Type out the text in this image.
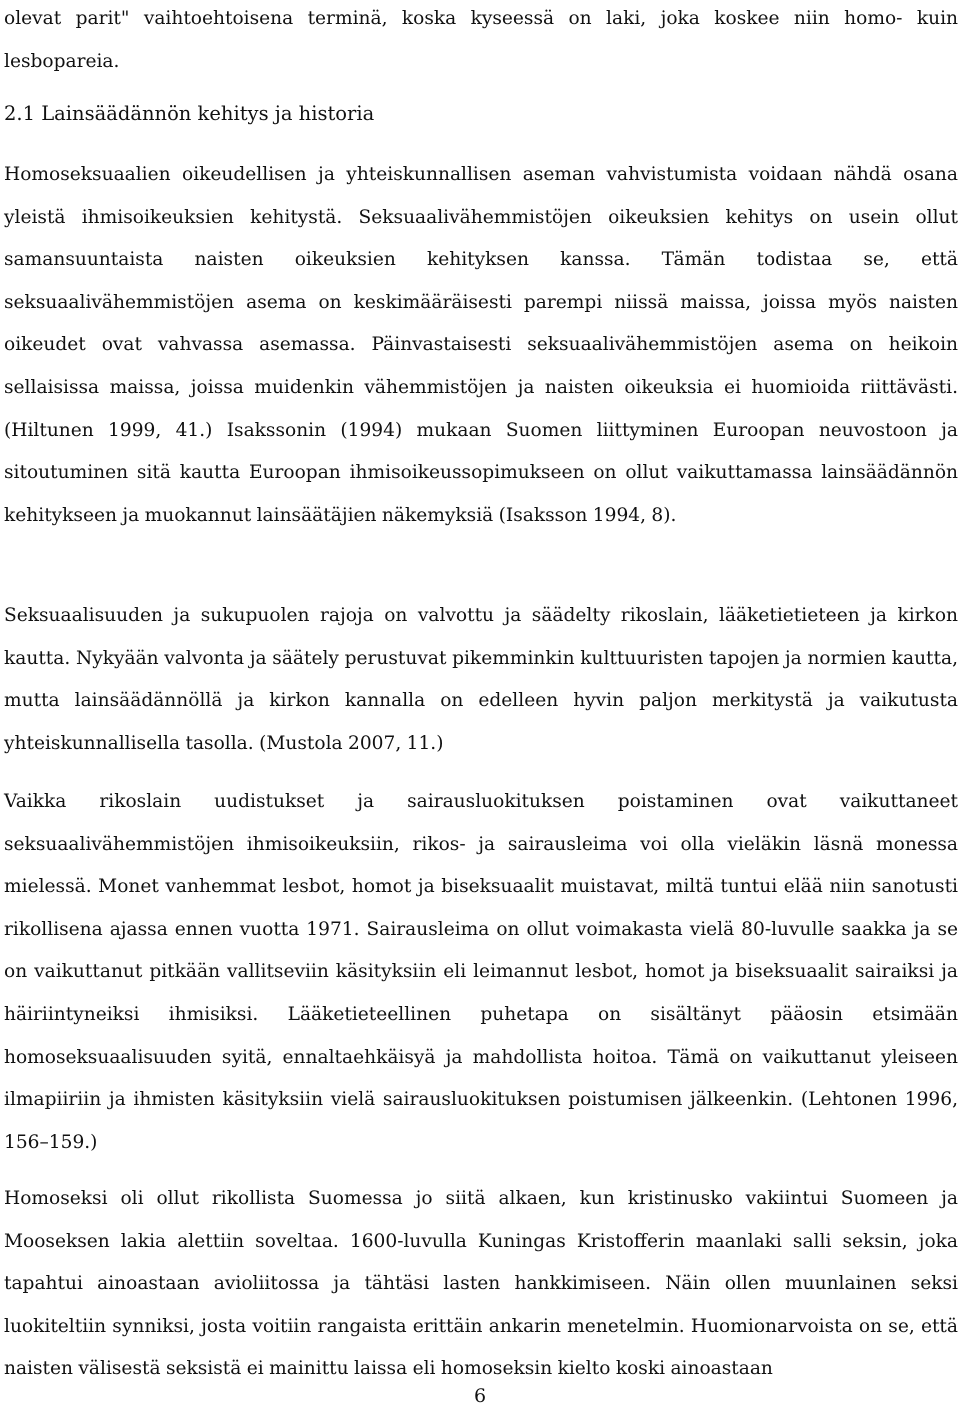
olevat parit" vaihtoehtoisena terminä, koska kyseessä on laki, joka koskee niin homo- kuin lesbopareia.

2.1 Lainsäädännön kehitys ja historia

Homoseksuaalien oikeudellisen ja yhteiskunnallisen aseman vahvistumista voidaan nähdä osana yleistä ihmisoikeuksien kehitystä. Seksuaalivähemmistöjen oikeuksien kehitys on usein ollut samansuuntaista naisten oikeuksien kehityksen kanssa. Tämän todistaa se, että seksuaalivähemmistöjen asema on keskimääräisesti parempi niissä maissa, joissa myös naisten oikeudet ovat vahvassa asemassa. Päinvastaisesti seksuaalivähemmistöjen asema on heikoin sellaisissa maissa, joissa muidenkin vähemmistöjen ja naisten oikeuksia ei huomioida riittävästi. (Hiltunen 1999, 41.) Isakssonin (1994) mukaan Suomen liittyminen Euroopan neuvostoon ja sitoutuminen sitä kautta Euroopan ihmisoikeussopimukseen on ollut vaikuttamassa lainsäädännön kehitykseen ja muokannut lainsäätäjien näkemyksiä (Isaksson 1994, 8).

Seksuaalisuuden ja sukupuolen rajoja on valvottu ja säädelty rikoslain, lääketietieteen ja kirkon kautta. Nykyään valvonta ja säätely perustuvat pikemminkin kulttuuristen tapojen ja normien kautta, mutta lainsäädännöllä ja kirkon kannalla on edelleen hyvin paljon merkitystä ja vaikutusta yhteiskunnallisella tasolla. (Mustola 2007, 11.)

Vaikka rikoslain uudistukset ja sairausluokituksen poistaminen ovat vaikuttaneet seksuaalivähemmistöjen ihmisoikeuksiin, rikos- ja sairausleima voi olla vieläkin läsnä monessa mielessä. Monet vanhemmat lesbot, homot ja biseksuaalit muistavat, miltä tuntui elää niin sanotusti rikollisena ajassa ennen vuotta 1971. Sairausleima on ollut voimakasta vielä 80-luvulle saakka ja se on vaikuttanut pitkään vallitseviin käsityksiin eli leimannut lesbot, homot ja biseksuaalit sairaiksi ja häiriintyneiksi ihmisiksi. Lääketieteellinen puhetapa on sisältänyt pääosin etsimään homoseksuaalisuuden syitä, ennaltaehkäisyä ja mahdollista hoitoa. Tämä on vaikuttanut yleiseen ilmapiiriin ja ihmisten käsityksiin vielä sairausluokituksen poistumisen jälkeenkin. (Lehtonen 1996, 156–159.)

Homoseksi oli ollut rikollista Suomessa jo siitä alkaen, kun kristinusko vakiintui Suomeen ja Mooseksen lakia alettiin soveltaa. 1600-luvulla Kuningas Kristofferin maanlaki salli seksin, joka tapahtui ainoastaan avioliitossa ja tähtäsi lasten hankkimiseen. Näin ollen muunlainen seksi luokiteltiin synniksi, josta voitiin rangaista erittäin ankarin menetelmin. Huomionarvoista on se, että naisten välisestä seksistä ei mainittu laissa eli homoseksin kielto koski ainoastaan

6
